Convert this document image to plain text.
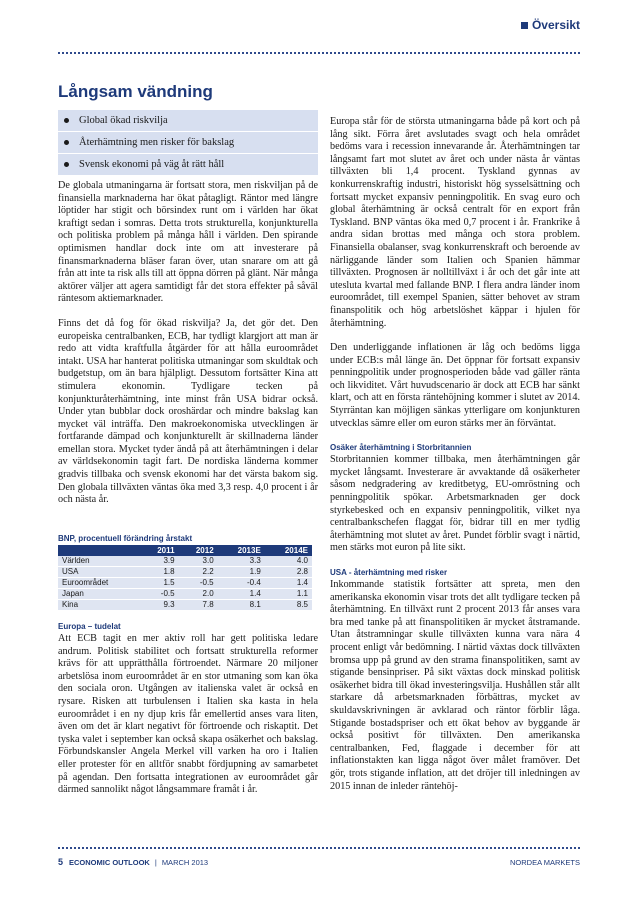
Översikt
Långsam vändning
Global ökad riskvilja
Återhämtning men risker för bakslag
Svensk ekonomi på väg åt rätt håll

De globala utmaningarna är fortsatt stora, men riskviljan på de finansiella marknaderna har ökat påtagligt. Räntor med längre löptider har stigit och börsindex runt om i världen har ökat kraftigt sedan i somras. Detta trots strukturella, konjunkturella och politiska problem på många håll i världen. Den spirande optimismen handlar dock inte om att investerare på finansmarknaderna bläser faran över, utan snarare om att gå från att inte ta risk alls till att öppna dörren på glänt. När många aktörer väljer att agera samtidigt får det stora effekter på såväl räntesom aktiemarknader.

Finns det då fog för ökad riskvilja? Ja, det gör det. Den europeiska centralbanken, ECB, har tydligt klargjort att man är redo att vidta kraftfulla åtgärder för att hålla euroområdet intakt. USA har hanterat politiska utmaningar som skuldtak och budgetstup, om än bara hjälpligt. Dessutom fortsätter Kina att stimulera ekonomin. Tydligare tecken på konjunkturåterhämtning, inte minst från USA bidrar också. Under ytan bubblar dock oroshärdar och mindre bakslag kan mycket väl inträffa. Den makroekonomiska utvecklingen är fortfarande dämpad och konjunkturellt är skillnaderna länder emellan stora. Mycket tyder ändå på att återhämtningen i delar av världsekonomin tagit fart. De nordiska länderna kommer gradvis tillbaka och svensk ekonomi har det värsta bakom sig. Den globala tillväxten väntas öka med 3,3 resp. 4,0 procent i år och nästa år.

BNP, procentuell förändring årstakt
	2011	2012	2013E	2014E
Världen	3.9	3.0	3.3	4.0
USA	1.8	2.2	1.9	2.8
Euroområdet	1.5	-0.5	-0.4	1.4
Japan	-0.5	2.0	1.4	1.1
Kina	9.3	7.8	8.1	8.5
Europa – tudelat

Att ECB tagit en mer aktiv roll har gett politiska ledare andrum. Politisk stabilitet och fortsatt strukturella reformer krävs för att upprätthålla förtroendet. Närmare 20 miljoner arbetslösa inom euroområdet är en stor utmaning som kan öka den sociala oron. Utgången av italienska valet är också en rysare. Risken att turbulensen i Italien ska kasta in hela euroområdet i en ny djup kris får emellertid anses vara liten, även om det är klart negativt för förtroende och riskaptit. Det tyska valet i september kan också skapa osäkerhet och bakslag. Förbundskansler Angela Merkel vill varken ha oro i Italien eller protester för en alltför snabbt fördjupning av samarbetet på agendan. Den fortsatta integrationen av euroområdet går därmed sannolikt något långsammare framåt i år.

Europa står för de största utmaningarna både på kort och på lång sikt. Förra året avslutades svagt och hela området bedöms vara i recession innevarande år. Återhämtningen tar långsamt fart mot slutet av året och under nästa år väntas tillväxten bli 1,4 procent. Tyskland gynnas av konkurrenskraftig industri, historiskt hög sysselsättning och fortsatt mycket expansiv penningpolitik. En svag euro och global återhämtning är också centralt för en export från Tyskland. BNP väntas öka med 0,7 procent i år. Frankrike å andra sidan brottas med många och stora problem. Finansiella obalanser, svag konkurrenskraft och beroende av närliggande länder som Italien och Spanien hämmar tillväxten. Prognosen är nolltillväxt i år och det går inte att utesluta kvartal med fallande BNP. I flera andra länder inom euroområdet, till exempel Spanien, sätter behovet av stram finanspolitik och hög arbetslöshet käppar i hjulen för återhämtning.

Den underliggande inflationen är låg och bedöms ligga under ECB:s mål länge än. Det öppnar för fortsatt expansiv penningpolitik under prognosperioden både vad gäller ränta och likviditet. Vårt huvudscenario är dock att ECB har sänkt klart, och att en första räntehöjning kommer i slutet av 2014. Styrräntan kan möjligen sänkas ytterligare om konjunkturen utvecklas sämre eller om euron stärks mer än förväntat.

Osäker återhämtning i Storbritannien

Storbritannien kommer tillbaka, men återhämtningen går mycket långsamt. Investerare är avvaktande då osäkerheter såsom nedgradering av kreditbetyg, EU-omröstning och penningpolitik spökar. Arbetsmarknaden ger dock styrkebesked och en expansiv penningpolitik, vilket nya centralbankschefen flaggat för, bidrar till en mer tydlig återhämtning mot slutet av året. Pundet förblir svagt i närtid, men stärks mot euron på lite sikt.

USA - återhämtning med risker

Inkommande statistik fortsätter att spreta, men den amerikanska ekonomin visar trots det allt tydligare tecken på återhämtning. En tillväxt runt 2 procent 2013 får anses vara bra med tanke på att finanspolitiken är mycket åtstramande. Utan åtstramningar skulle tillväxten kunna vara nära 4 procent enligt vår bedömning. I närtid växtas dock tillväxten bromsa upp på grund av den strama finanspolitiken, samt av stigande bensinpriser. På sikt växtas dock minskad politisk osäkerhet bidra till ökad investeringsvilja. Hushållen står allt starkare då arbetsmarknaden förbättras, mycket av skuldavskrivningen är avklarad och räntor förblir låga. Stigande bostadspriser och ett ökat behov av byggande är också positivt för tillväxten. Den amerikanska centralbanken, Fed, flaggade i december för att inflationstakten kan ligga något över målet framöver. Det gör, trots stigande inflation, att det dröjer till inledningen av 2015 innan de inleder räntehöj-

5 ECONOMIC OUTLOOK | MARCH 2013	NORDEA MARKETS
